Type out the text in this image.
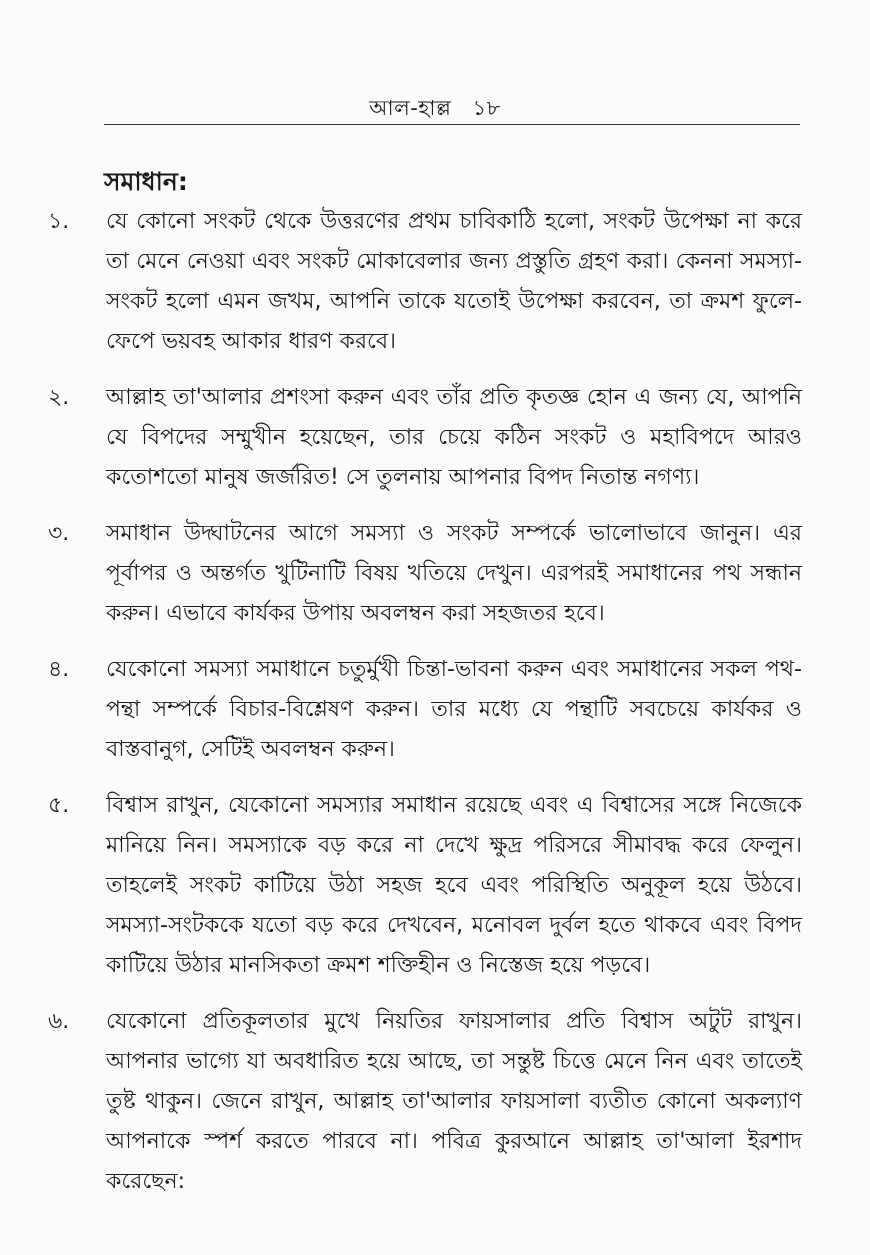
আল-হাল্ল ১৮
সমাধান:
১.	যে কোনো সংকট থেকে উত্তরণের প্রথম চাবিকাঠি হলো, সংকট উপেক্ষা না করে তা মেনে নেওয়া এবং সংকট মোকাবেলার জন্য প্রস্তুতি গ্রহণ করা। কেননা সমস্যা-সংকট হলো এমন জখম, আপনি তাকে যতোই উপেক্ষা করবেন, তা ক্রমশ ফুলে-ফেপে ভয়বহ আকার ধারণ করবে।
২.	আল্লাহ তা'আলার প্রশংসা করুন এবং তাঁর প্রতি কৃতজ্ঞ হোন এ জন্য যে, আপনি যে বিপদের সম্মুখীন হয়েছেন, তার চেয়ে কঠিন সংকট ও মহাবিপদে আরও কতোশতো মানুষ জর্জরিত! সে তুলনায় আপনার বিপদ নিতান্ত নগণ্য।
৩.	সমাধান উদ্ঘাটনের আগে সমস্যা ও সংকট সম্পর্কে ভালোভাবে জানুন। এর পূর্বাপর ও অন্তর্গত খুটিনাটি বিষয় খতিয়ে দেখুন। এরপরই সমাধানের পথ সন্ধান করুন। এভাবে কার্যকর উপায় অবলম্বন করা সহজতর হবে।
৪.	যেকোনো সমস্যা সমাধানে চতুর্মুখী চিন্তা-ভাবনা করুন এবং সমাধানের সকল পথ-পন্থা সম্পর্কে বিচার-বিশ্লেষণ করুন। তার মধ্যে যে পন্থাটি সবচেয়ে কার্যকর ও বাস্তবানুগ, সেটিই অবলম্বন করুন।
৫.	বিশ্বাস রাখুন, যেকোনো সমস্যার সমাধান রয়েছে এবং এ বিশ্বাসের সঙ্গে নিজেকে মানিয়ে নিন। সমস্যাকে বড় করে না দেখে ক্ষুদ্র পরিসরে সীমাবদ্ধ করে ফেলুন। তাহলেই সংকট কাটিয়ে উঠা সহজ হবে এবং পরিস্থিতি অনুকূল হয়ে উঠবে। সমস্যা-সংটককে যতো বড় করে দেখবেন, মনোবল দুর্বল হতে থাকবে এবং বিপদ কাটিয়ে উঠার মানসিকতা ক্রমশ শক্তিহীন ও নিস্তেজ হয়ে পড়বে।
৬.	যেকোনো প্রতিকূলতার মুখে নিয়তির ফায়সালার প্রতি বিশ্বাস অটুট রাখুন। আপনার ভাগ্যে যা অবধারিত হয়ে আছে, তা সন্তুষ্ট চিত্তে মেনে নিন এবং তাতেই তুষ্ট থাকুন। জেনে রাখুন, আল্লাহ তা'আলার ফায়সালা ব্যতীত কোনো অকল্যাণ আপনাকে স্পর্শ করতে পারবে না। পবিত্র কুরআনে আল্লাহ তা'আলা ইরশাদ করেছেন:
